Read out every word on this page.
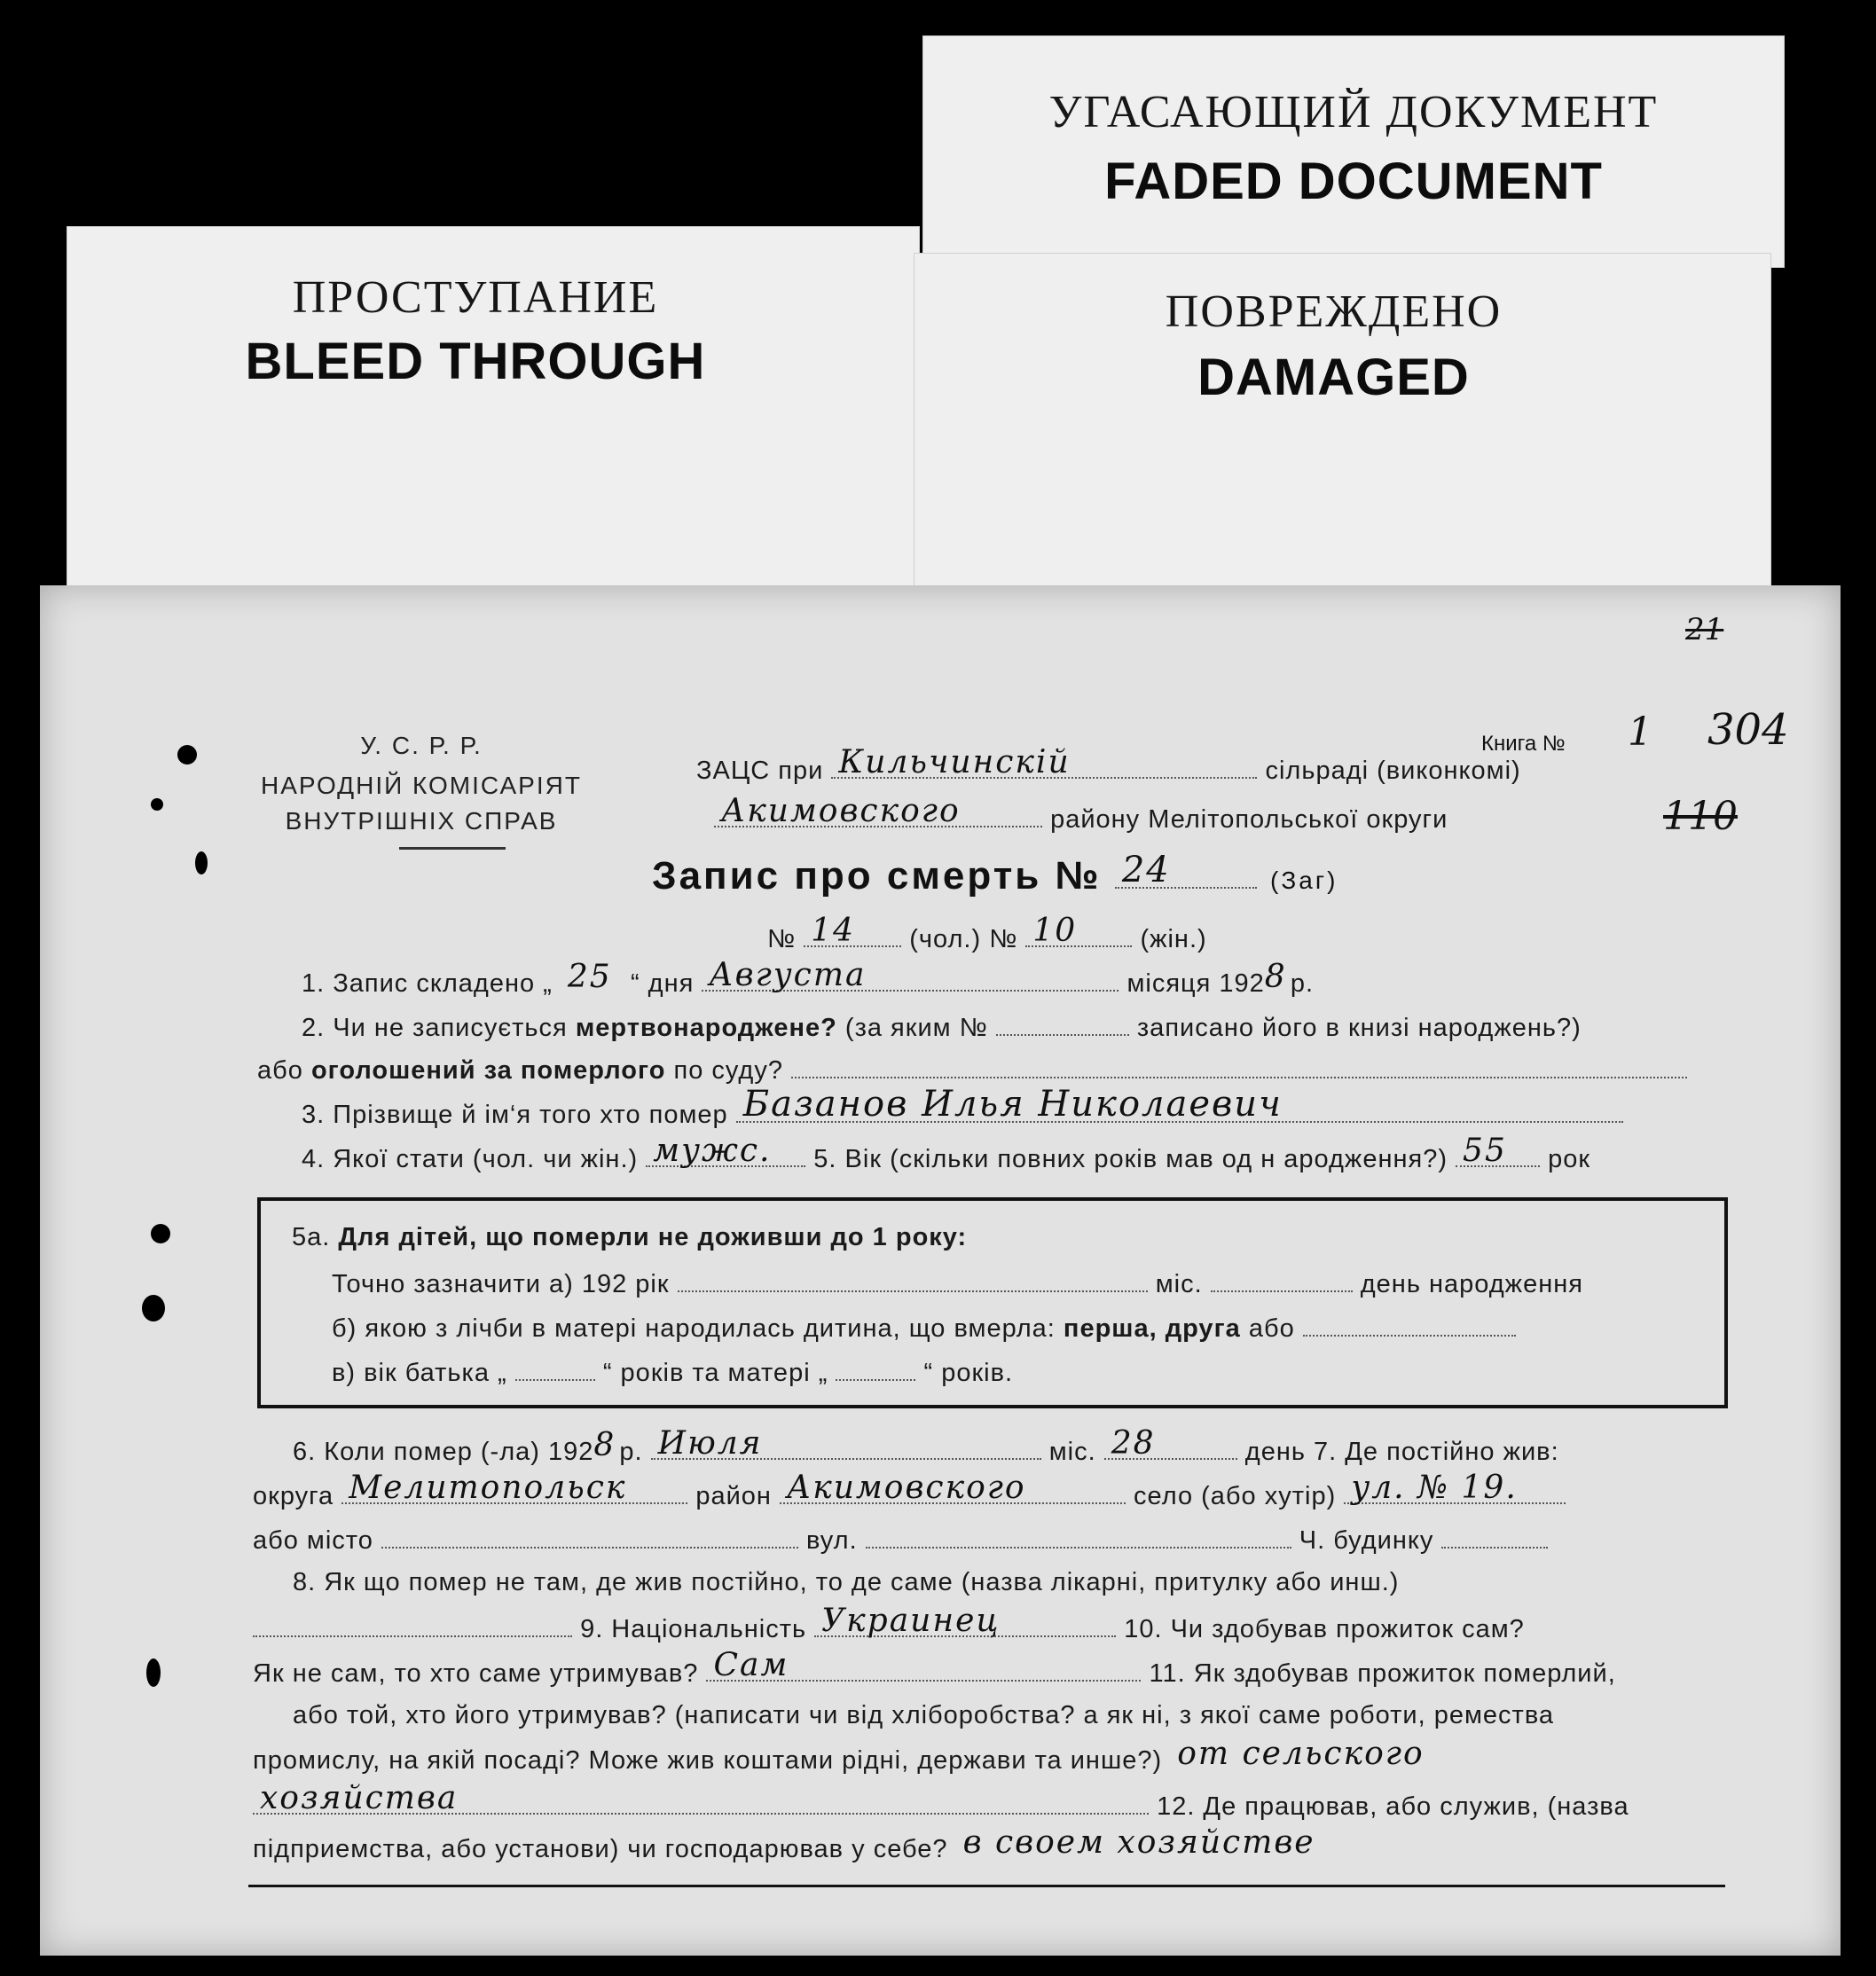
УГАСАЮЩИЙ ДОКУМЕНТ
FADED DOCUMENT
ПРОСТУПАНИЕ
BLEED THROUGH
ПОВРЕЖДЕНО
DAMAGED
21
Книга № 1 304
110
У. С. Р. Р.
НАРОДНІЙ КОМІСАРІЯТ
ВНУТРІШНІХ СПРАВ
ЗАЦС при Кильчинскій	сільраді (виконкомі)
Акимовского	району Мелітопольської округи
Запис про смерть № 24	(Заг)
№ 14 (чол.) № 10 (жін.)
1. Запис складено „ 25 “ дня Августа	місяця 192 8 р.
2. Чи не записується мертвонароджене? (за яким №	записано його в книзі народжень?)
або оголошений за померлого по суду?
3. Прізвище й ім‘я того хто помер Базанов Илья Николаевич
4. Якої стати (чол. чи жін.) мужс. 5. Вік (скільки повних років мав од н ародження?) 55 рок
5а. Для дітей, що померли не доживши до 1 року:
Точно зазначити а) 192 рік	міс.	день народження
б) якою з лічби в матері народилась дитина, що вмерла: перша, друга або
в) вік батька „	“ років та матері „	“ років.
6. Коли помер (-ла) 192 8 р. Июля	міс. 28	день 7. Де постійно жив:
округа Мелитопольск	район Акимовского	село (або хутір) ул. № 19.
або місто	вул.	Ч. будинку
8. Як що помер не там, де жив постійно, то де саме (назва лікарні, притулку або инш.)
9. Національність Украинец	10. Чи здобував прожиток сам?
Як не сам, то хто саме утримував? Сам	11. Як здобував прожиток померлий,
або той, хто його утримував? (написати чи від хліборобства? а як ні, з якої саме роботи, ремества
промислу, на якій посаді? Може жив коштами рідні, держави та инше?) от сельского
хозяйства	12. Де працював, або служив, (назва
підприемства, або установи) чи господарював у себе? в своем хозяйстве
